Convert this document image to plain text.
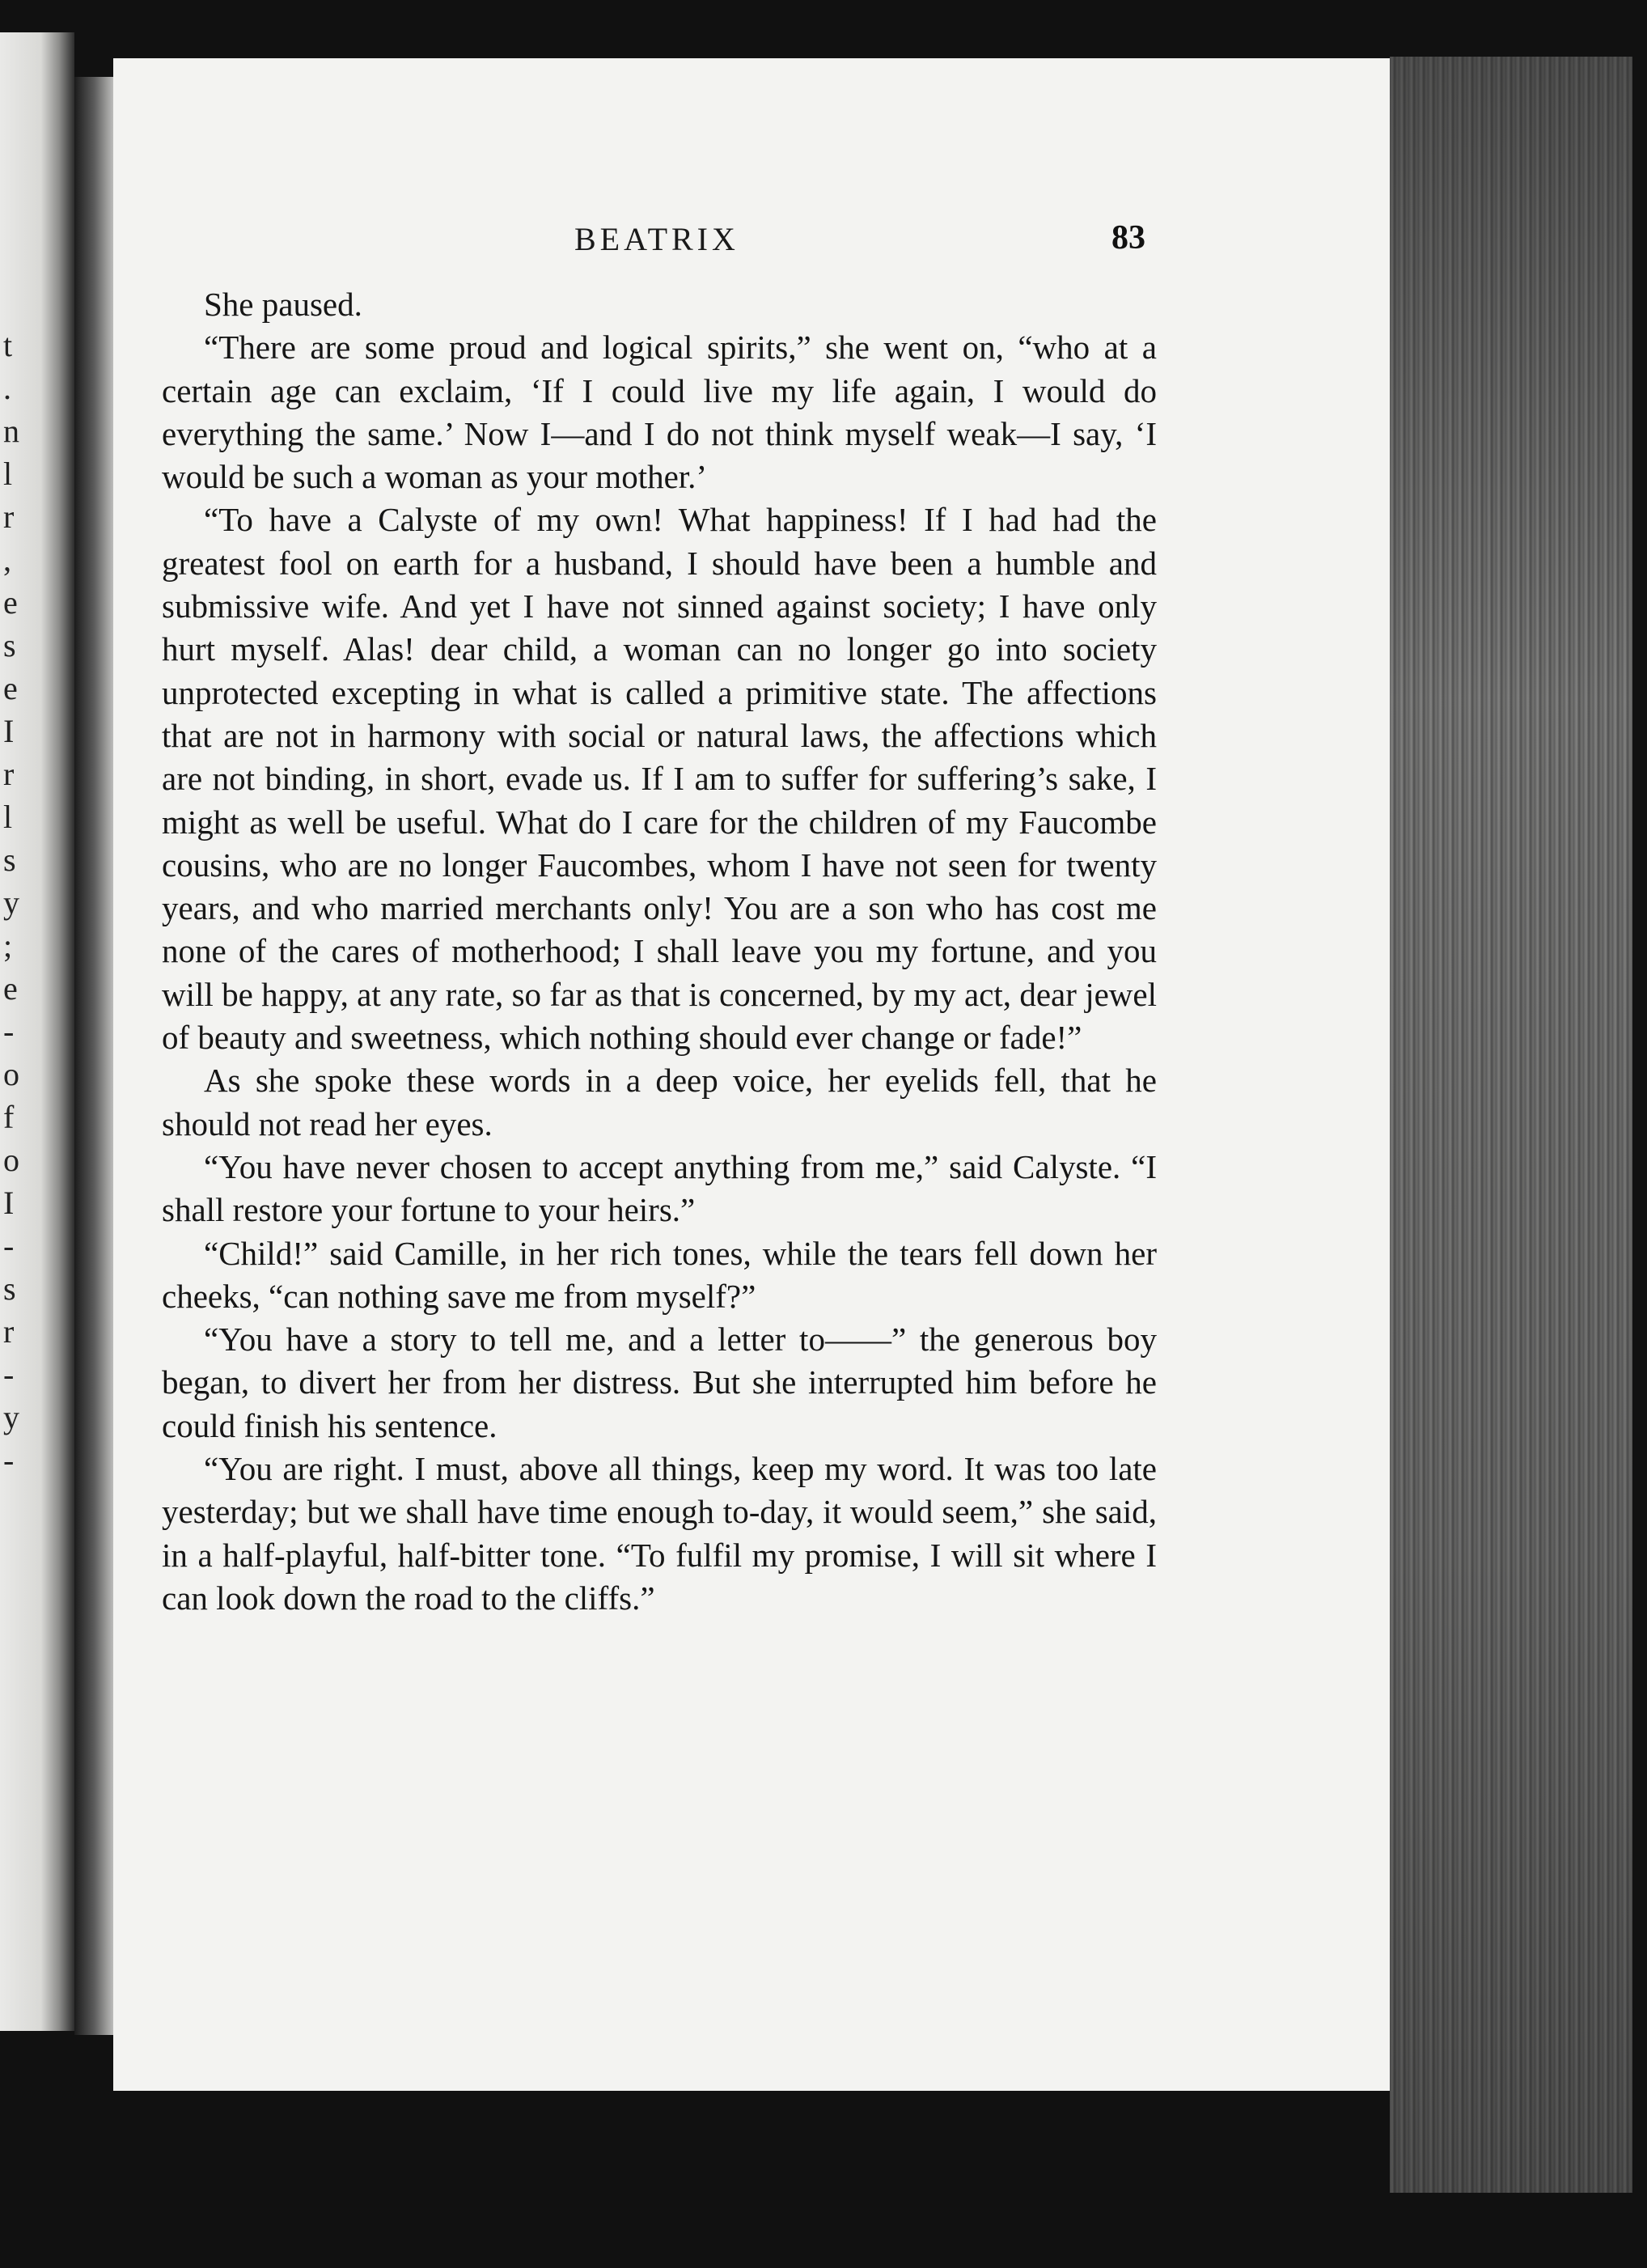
t
.
n
l
r
,
e
s
e
I
r
l
s
y
;
e
-
o
f
o
I
-
s
r
-
y
-
BEATRIX	83

She paused.

“There are some proud and logical spirits,” she went on, “who at a certain age can exclaim, ‘If I could live my life again, I would do everything the same.’ Now I—and I do not think myself weak—I say, ‘I would be such a woman as your mother.’

“To have a Calyste of my own! What happiness! If I had had the greatest fool on earth for a husband, I should have been a humble and submissive wife. And yet I have not sinned against society; I have only hurt myself. Alas! dear child, a woman can no longer go into society unprotected excepting in what is called a primitive state. The affections that are not in harmony with social or natural laws, the affections which are not binding, in short, evade us. If I am to suffer for suffering’s sake, I might as well be useful. What do I care for the children of my Faucombe cousins, who are no longer Faucombes, whom I have not seen for twenty years, and who married merchants only! You are a son who has cost me none of the cares of motherhood; I shall leave you my fortune, and you will be happy, at any rate, so far as that is concerned, by my act, dear jewel of beauty and sweetness, which nothing should ever change or fade!”

As she spoke these words in a deep voice, her eyelids fell, that he should not read her eyes.

“You have never chosen to accept anything from me,” said Calyste. “I shall restore your fortune to your heirs.”

“Child!” said Camille, in her rich tones, while the tears fell down her cheeks, “can nothing save me from myself?”

“You have a story to tell me, and a letter to——” the generous boy began, to divert her from her distress. But she interrupted him before he could finish his sentence.

“You are right. I must, above all things, keep my word. It was too late yesterday; but we shall have time enough to-day, it would seem,” she said, in a half-playful, half-bitter tone. “To fulfil my promise, I will sit where I can look down the road to the cliffs.”
